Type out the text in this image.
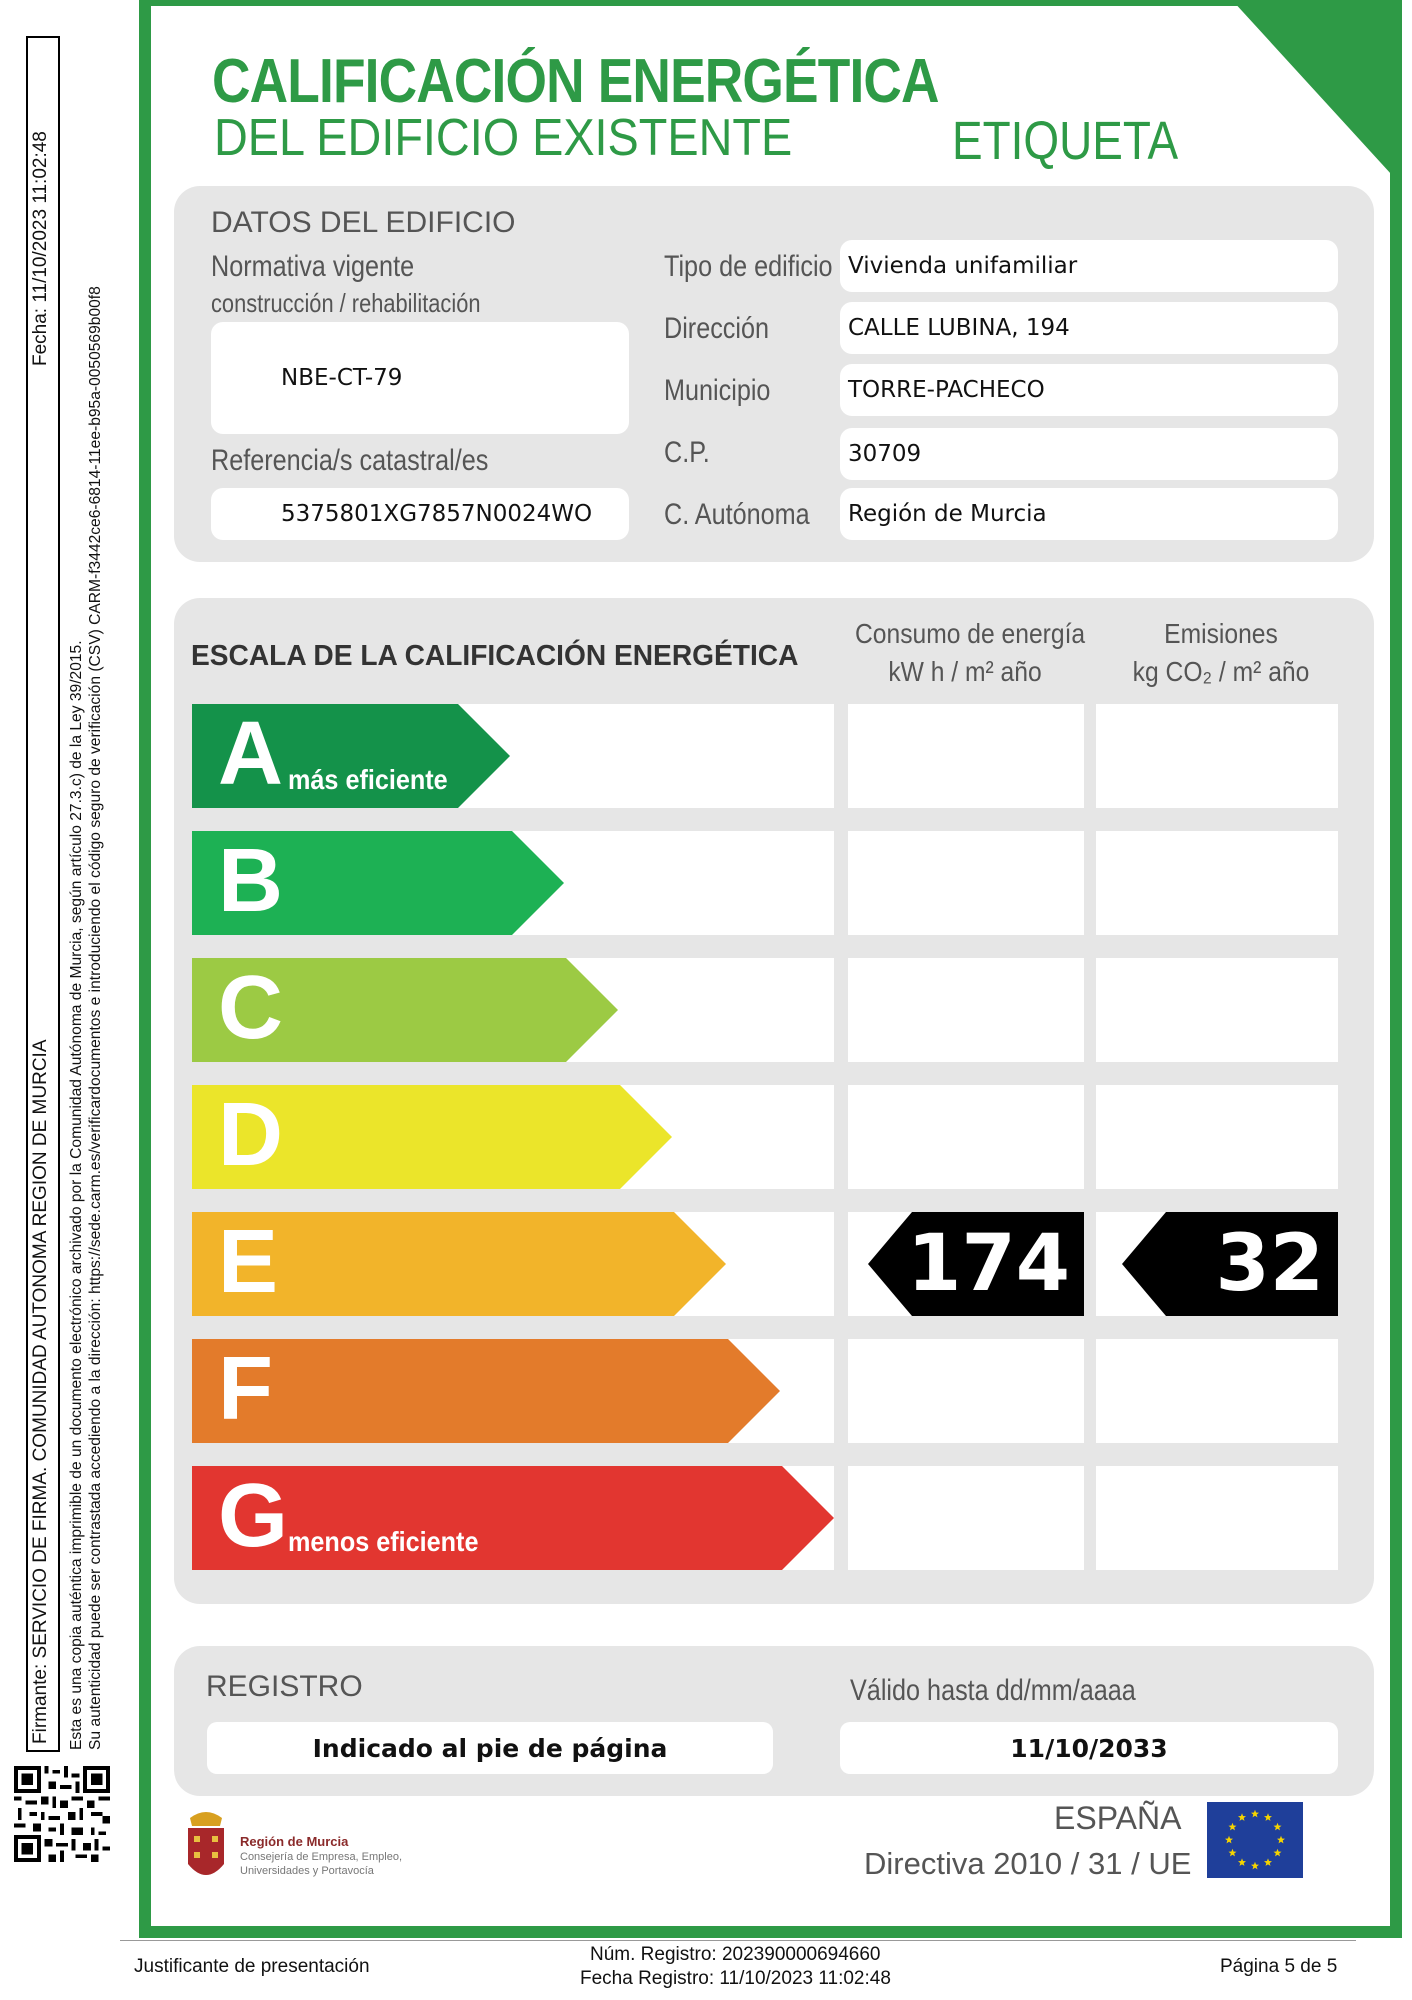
Firmante: SERVICIO DE FIRMA. COMUNIDAD AUTONOMA REGION DE MURCIA
Fecha: 11/10/2023 11:02:48
Esta es una copia auténtica imprimible de un documento electrónico archivado por la Comunidad Autónoma de Murcia, según artículo 27.3.c) de la Ley 39/2015. Su autenticidad puede ser contrastada accediendo a la dirección: https://sede.carm.es/verificardocumentos e introduciendo el código seguro de verificación (CSV) CARM-f3442ce6-6814-11ee-b95a-0050569b00f8
CALIFICACIÓN ENERGÉTICA
DEL EDIFICIO EXISTENTE	ETIQUETA
DATOS DEL EDIFICIO
Normativa vigente
construcción / rehabilitación
NBE-CT-79
Referencia/s catastral/es
5375801XG7857N0024WO
Tipo de edificio Vivienda unifamiliar
Dirección	CALLE LUBINA, 194
Municipio	TORRE-PACHECO
C.P.	30709
C. Autónoma	Región de Murcia
ESCALA DE LA CALIFICACIÓN ENERGÉTICA
Consumo de energía
kW h / m² año
Emisiones
kg CO₂ / m² año
A más eficiente
B
C
D
E	174 32
F
G menos eficiente
REGISTRO	Válido hasta dd/mm/aaaa
Indicado al pie de página	11/10/2033
Región de Murcia
Consejería de Empresa, Empleo,
Universidades y Portavocía
ESPAÑA
Directiva 2010 / 31 / UE
Justificante de presentación
Núm. Registro: 202390000694660
Fecha Registro: 11/10/2023 11:02:48
Página 5 de 5
